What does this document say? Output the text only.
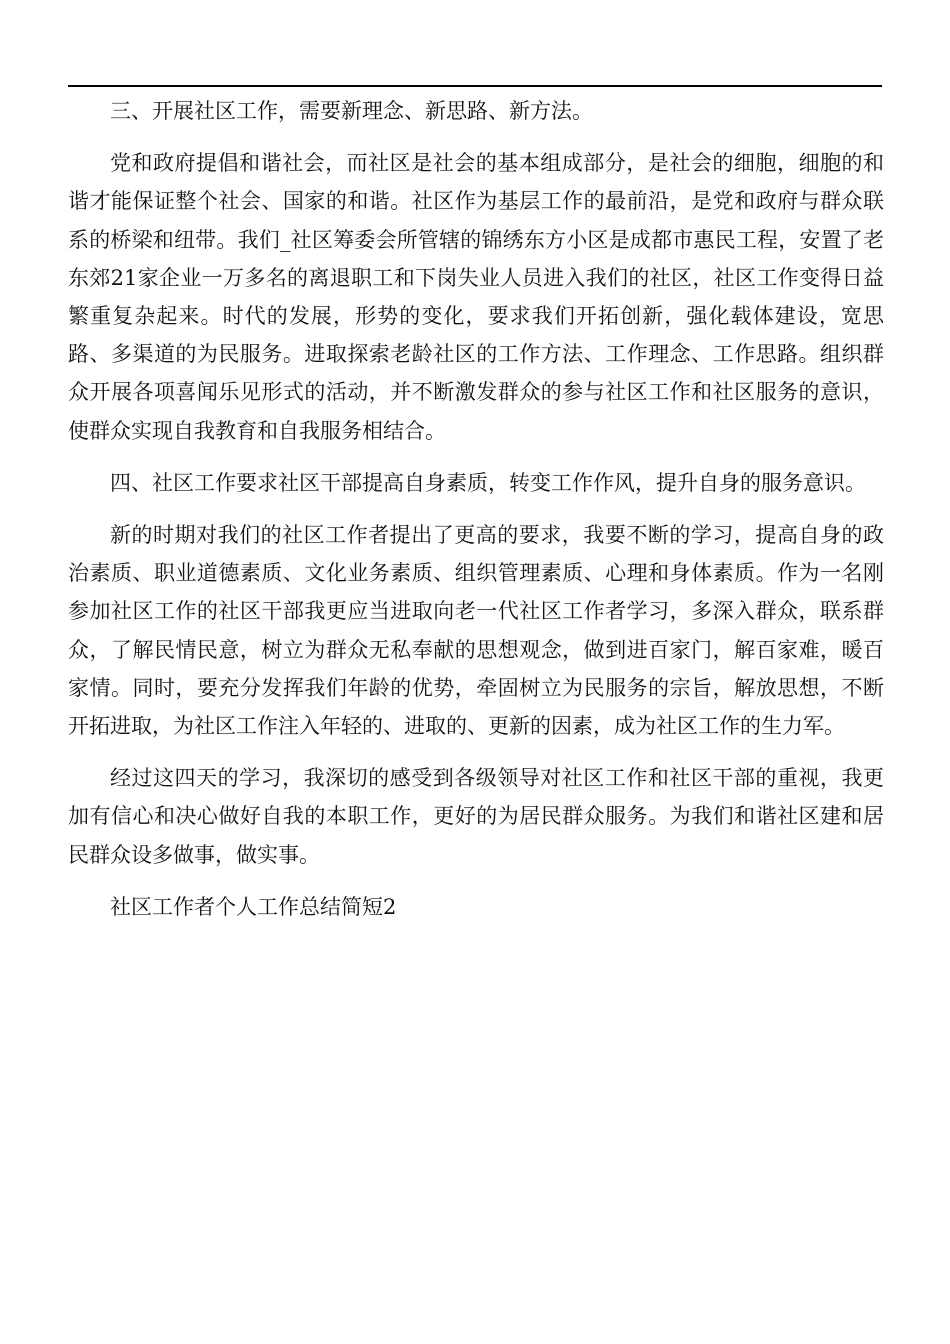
三、开展社区工作，需要新理念、新思路、新方法。

党和政府提倡和谐社会，而社区是社会的基本组成部分，是社会的细胞，细胞的和谐才能保证整个社会、国家的和谐。社区作为基层工作的最前沿，是党和政府与群众联系的桥梁和纽带。我们_社区筹委会所管辖的锦绣东方小区是成都市惠民工程，安置了老东郊21家企业一万多名的离退职工和下岗失业人员进入我们的社区，社区工作变得日益繁重复杂起来。时代的发展，形势的变化，要求我们开拓创新，强化载体建设，宽思路、多渠道的为民服务。进取探索老龄社区的工作方法、工作理念、工作思路。组织群众开展各项喜闻乐见形式的活动，并不断激发群众的参与社区工作和社区服务的意识，使群众实现自我教育和自我服务相结合。

四、社区工作要求社区干部提高自身素质，转变工作作风，提升自身的服务意识。

新的时期对我们的社区工作者提出了更高的要求，我要不断的学习，提高自身的政治素质、职业道德素质、文化业务素质、组织管理素质、心理和身体素质。作为一名刚参加社区工作的社区干部我更应当进取向老一代社区工作者学习，多深入群众，联系群众，了解民情民意，树立为群众无私奉献的思想观念，做到进百家门，解百家难，暖百家情。同时，要充分发挥我们年龄的优势，牵固树立为民服务的宗旨，解放思想，不断开拓进取，为社区工作注入年轻的、进取的、更新的因素，成为社区工作的生力军。

经过这四天的学习，我深切的感受到各级领导对社区工作和社区干部的重视，我更加有信心和决心做好自我的本职工作，更好的为居民群众服务。为我们和谐社区建和居民群众设多做事，做实事。

社区工作者个人工作总结简短2
